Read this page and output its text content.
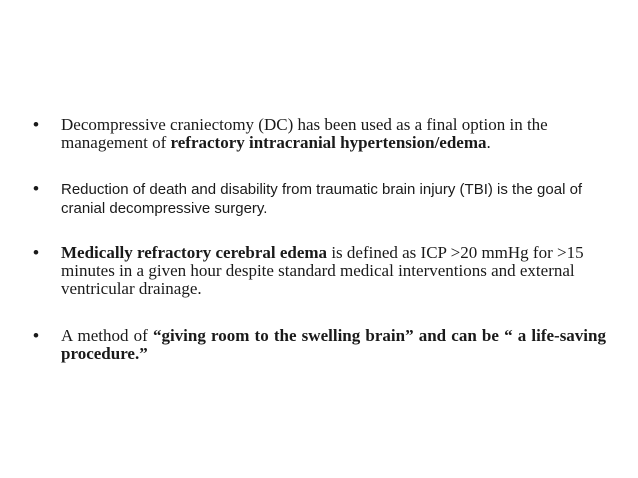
• Decompressive craniectomy (DC) has been used as a final option in the management of refractory intracranial hypertension/edema.
• Reduction of death and disability from traumatic brain injury (TBI) is the goal of cranial decompressive surgery.
• Medically refractory cerebral edema is defined as ICP >20 mmHg for >15 minutes in a given hour despite standard medical interventions and external ventricular drainage.
• A method of “giving room to the swelling brain” and can be “ a life-saving procedure.”
